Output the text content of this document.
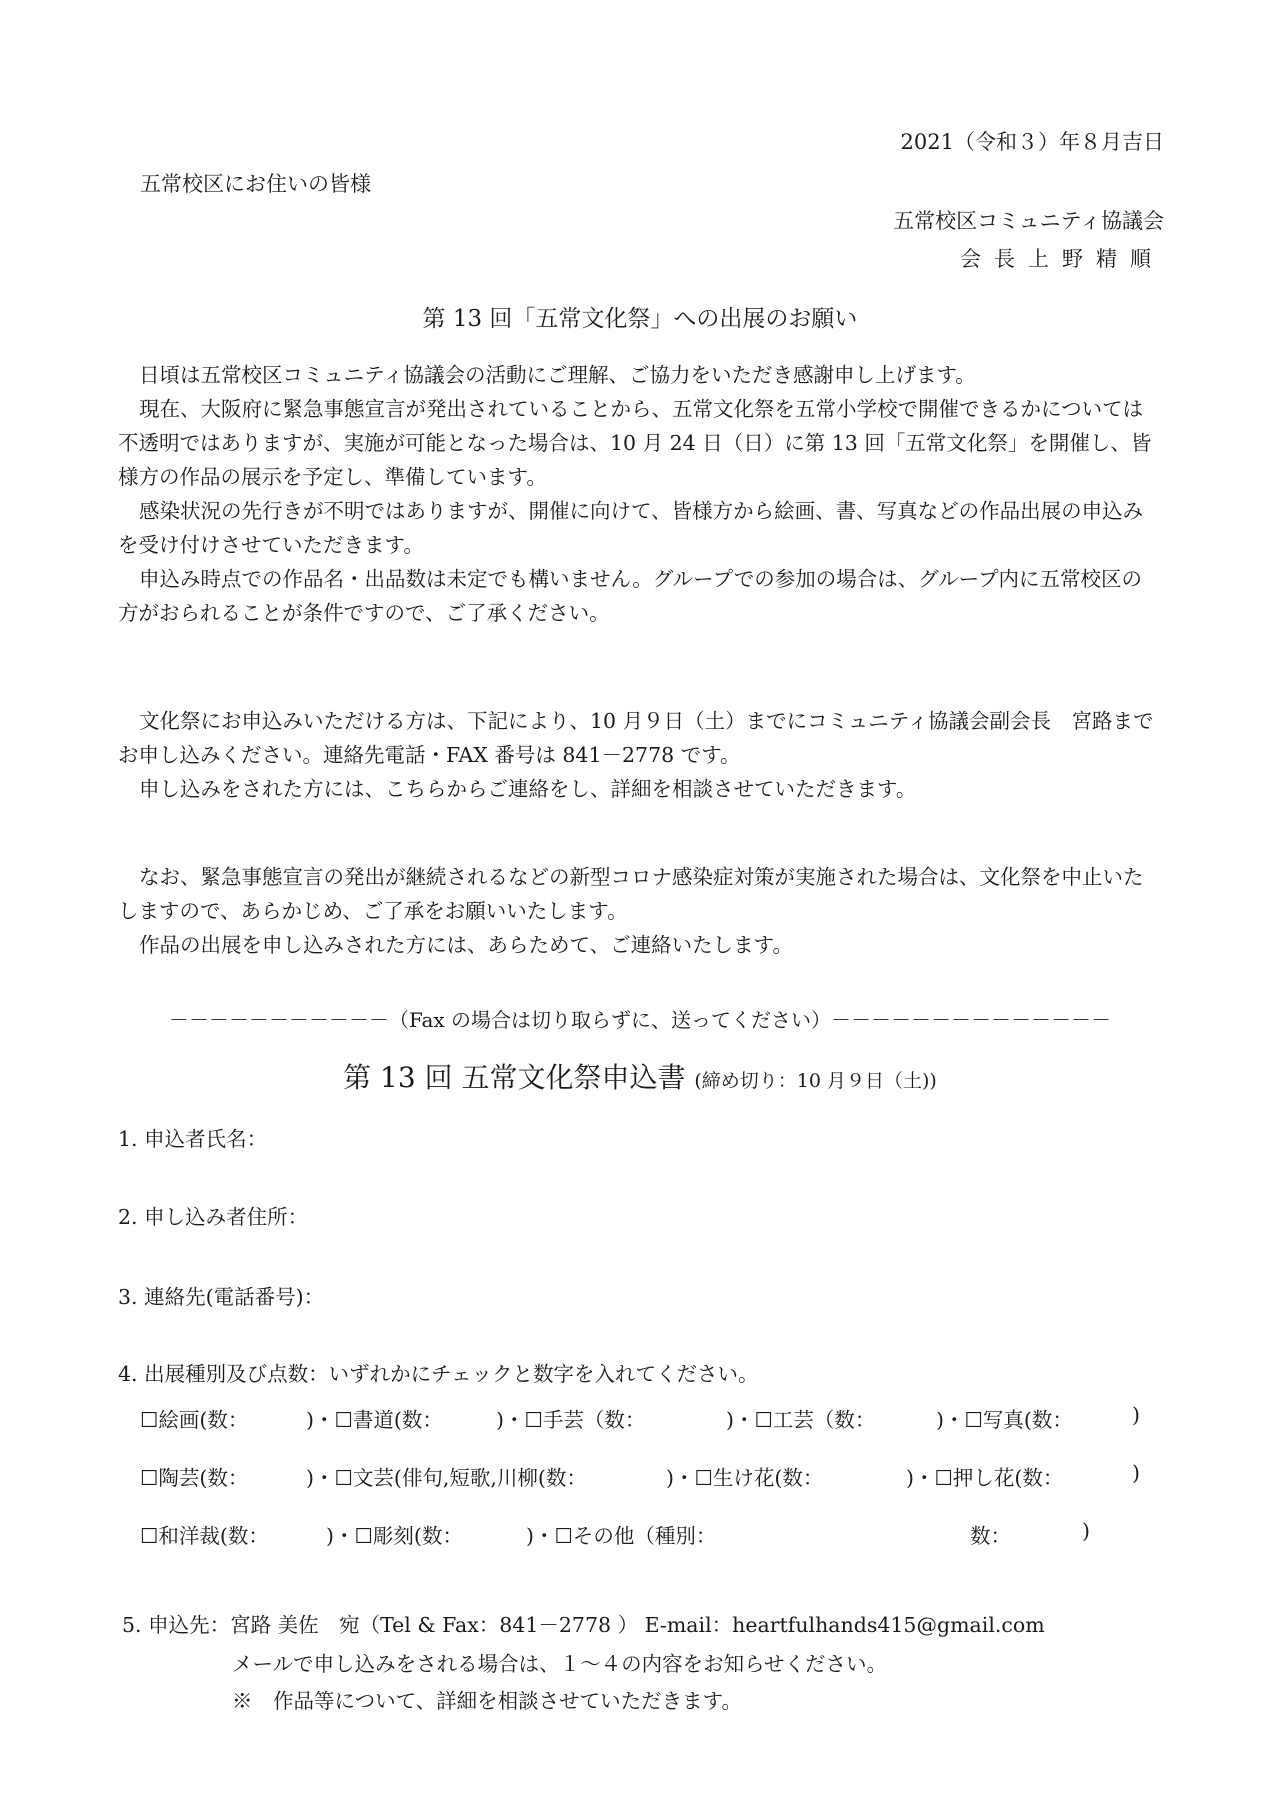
2021（令和３）年８月吉日
五常校区にお住いの皆様
五常校区コミュニティ協議会
会長上野精順
第 13 回「五常文化祭」への出展のお願い

日頃は五常校区コミュニティ協議会の活動にご理解、ご協力をいただき感謝申し上げます。

現在、大阪府に緊急事態宣言が発出されていることから、五常文化祭を五常小学校で開催できるかについては不透明ではありますが、実施が可能となった場合は、10 月 24 日（日）に第 13 回「五常文化祭」を開催し、皆様方の作品の展示を予定し、準備しています。

感染状況の先行きが不明ではありますが、開催に向けて、皆様方から絵画、書、写真などの作品出展の申込みを受け付けさせていただきます。

申込み時点での作品名・出品数は未定でも構いません。グループでの参加の場合は、グループ内に五常校区の方がおられることが条件ですので、ご了承ください。

文化祭にお申込みいただける方は、下記により、10 月９日（土）までにコミュニティ協議会副会長　宮路までお申し込みください。連絡先電話・FAX 番号は 841－2778 です。

申し込みをされた方には、こちらからご連絡をし、詳細を相談させていただきます。

なお、緊急事態宣言の発出が継続されるなどの新型コロナ感染症対策が実施された場合は、文化祭を中止いたしますので、あらかじめ、ご了承をお願いいたします。

作品の出展を申し込みされた方には、あらためて、ご連絡いたします。

－－－－－－－－－－－（Fax の場合は切り取らずに、送ってください）－－－－－－－－－－－－－－
第 13 回 五常文化祭申込書 (締め切り：10 月９日（土))
1. 申込者氏名：
2. 申し込み者住所：
3. 連絡先(電話番号)：
4. 出展種別及び点数：いずれかにチェックと数字を入れてください。
☐絵画(数：	)・☐書道(数：	)・☐手芸（数：	)・☐工芸（数：	)・☐写真(数：	)
☐陶芸(数：	)・☐文芸(俳句,短歌,川柳(数：	)・☐生け花(数：	)・☐押し花(数：	)
☐和洋裁(数：	)・☐彫刻(数：	)・☐その他（種別：	数：	)
5. 申込先：宮路 美佐　宛（Tel & Fax：841－2778 ） E-mail：heartfulhands415@gmail.com
メールで申し込みをされる場合は、１～４の内容をお知らせください。
※　作品等について、詳細を相談させていただきます。
